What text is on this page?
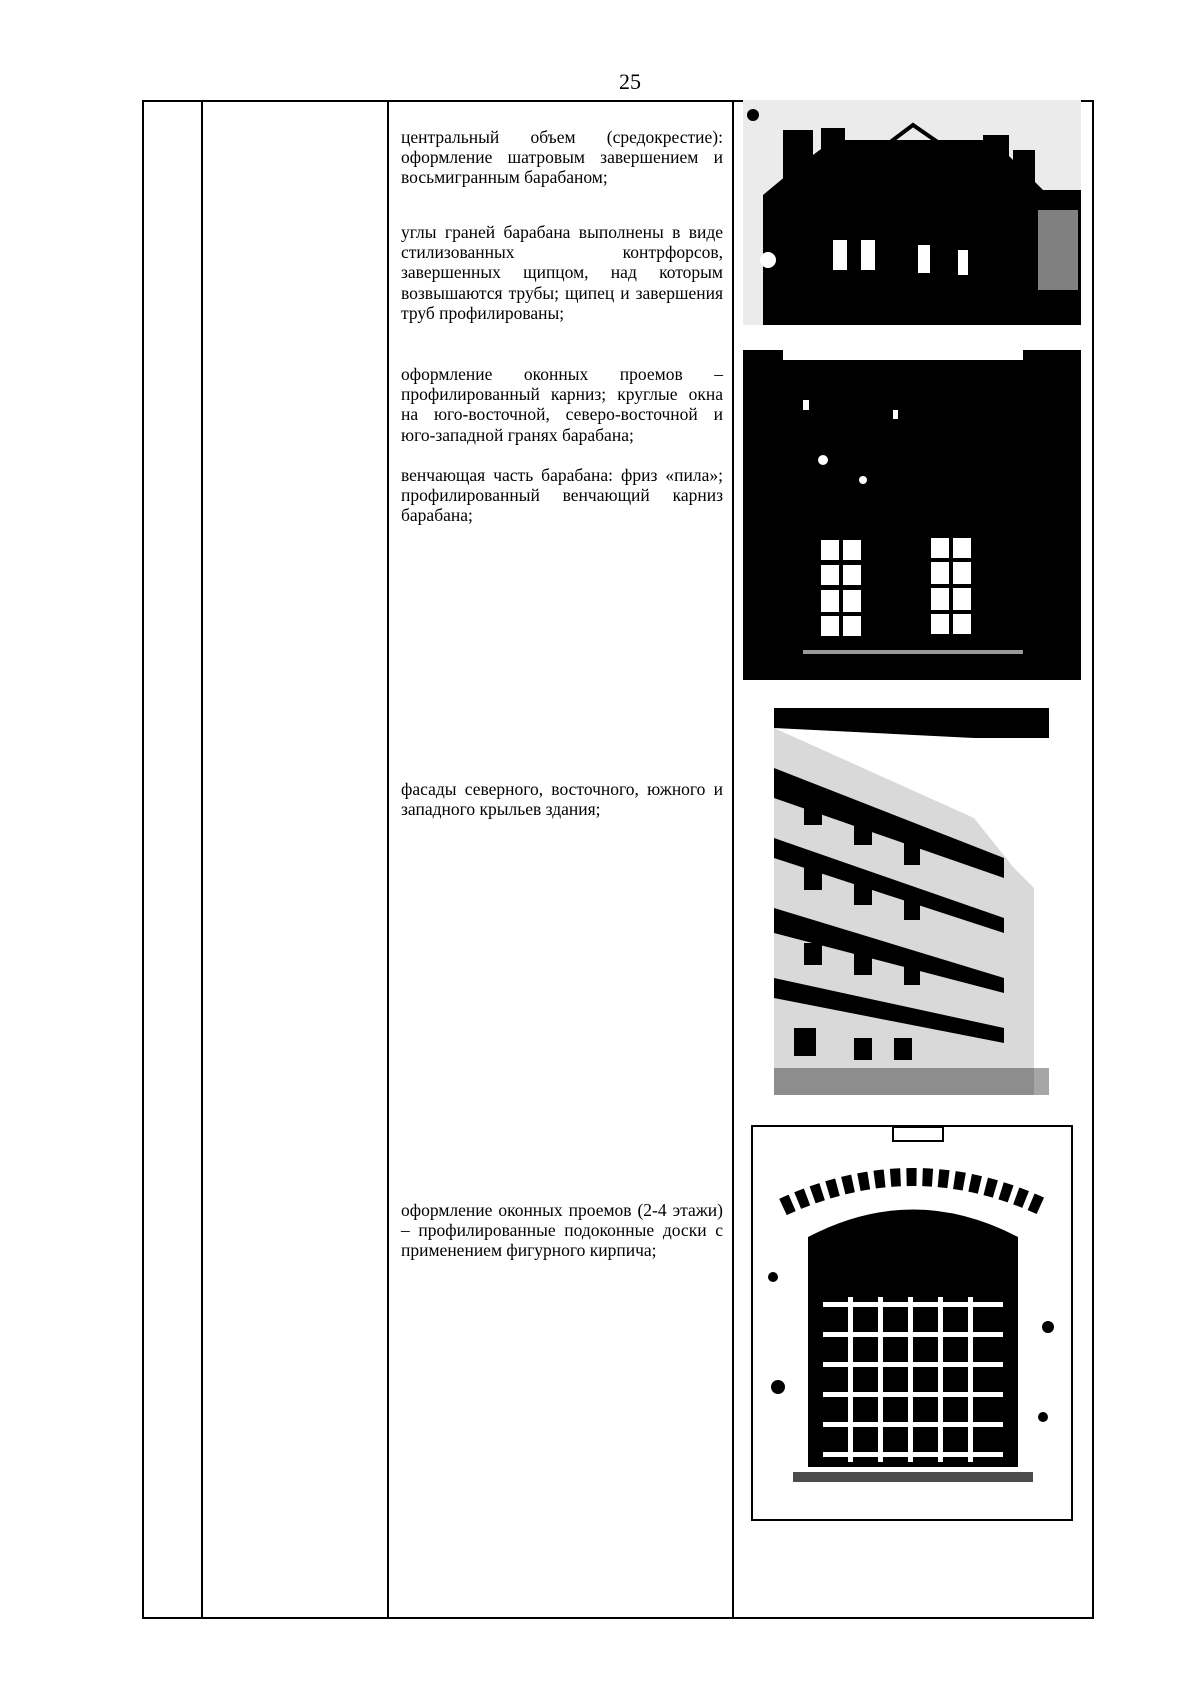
25
центральный объем (средокрестие): оформление шатровым завершением и восьмигранным барабаном;
углы граней барабана выполнены в виде стилизованных контрфорсов, завершенных щипцом, над которым возвышаются трубы; щипец и завершения труб профилированы;
оформление оконных проемов – профилированный карниз; круглые окна на юго-восточной, северо-восточной и юго-западной гранях барабана;
венчающая часть барабана: фриз «пила»; профилированный венчающий карниз барабана;
фасады северного, восточного, южного и западного крыльев здания;
оформление оконных проемов (2-4 этажи) – профилированные подоконные доски с применением фигурного кирпича;
